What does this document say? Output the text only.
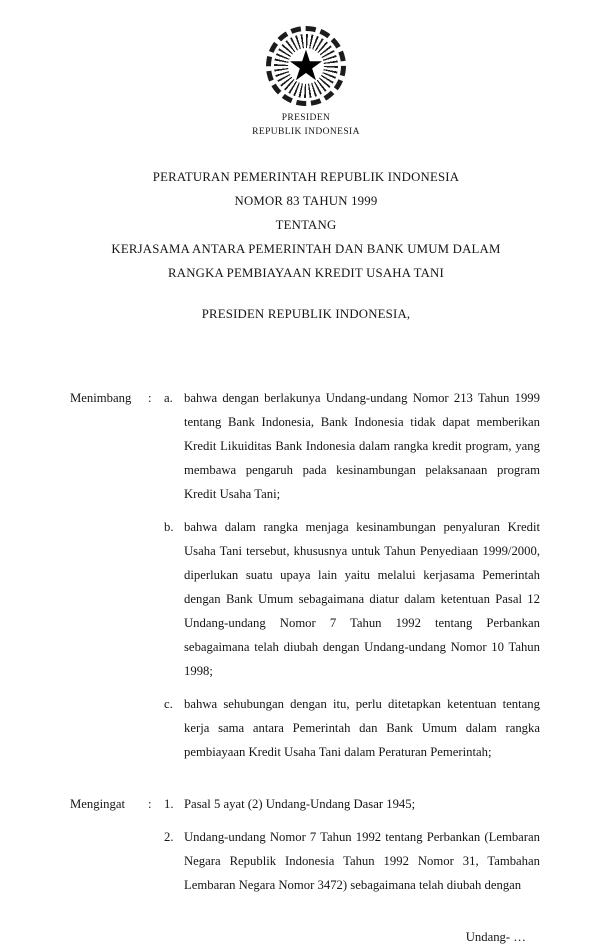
★
PRESIDEN
REPUBLIK INDONESIA
PERATURAN PEMERINTAH REPUBLIK INDONESIA
NOMOR 83 TAHUN 1999
TENTANG
KERJASAMA ANTARA PEMERINTAH DAN BANK UMUM DALAM
RANGKA PEMBIAYAAN KREDIT USAHA TANI
PRESIDEN REPUBLIK INDONESIA,
Menimbang	: a. bahwa dengan berlakunya Undang-undang Nomor 213 Tahun 1999 tentang Bank Indonesia, Bank Indonesia tidak dapat memberikan Kredit Likuiditas Bank Indonesia dalam rangka kredit program, yang membawa pengaruh pada kesinambungan pelaksanaan program Kredit Usaha Tani;
b. bahwa dalam rangka menjaga kesinambungan penyaluran Kredit Usaha Tani tersebut, khususnya untuk Tahun Penyediaan 1999/2000, diperlukan suatu upaya lain yaitu melalui kerjasama Pemerintah dengan Bank Umum sebagaimana diatur dalam ketentuan Pasal 12 Undang-undang Nomor 7 Tahun 1992 tentang Perbankan sebagaimana telah diubah dengan Undang-undang Nomor 10 Tahun 1998;
c. bahwa sehubungan dengan itu, perlu ditetapkan ketentuan tentang kerja sama antara Pemerintah dan Bank Umum dalam rangka pembiayaan Kredit Usaha Tani dalam Peraturan Pemerintah;
Mengingat	: 1. Pasal 5 ayat (2) Undang-Undang Dasar 1945;
2. Undang-undang Nomor 7 Tahun 1992 tentang Perbankan (Lembaran Negara Republik Indonesia Tahun 1992 Nomor 31, Tambahan Lembaran Negara Nomor 3472) sebagaimana telah diubah dengan
Undang- …
